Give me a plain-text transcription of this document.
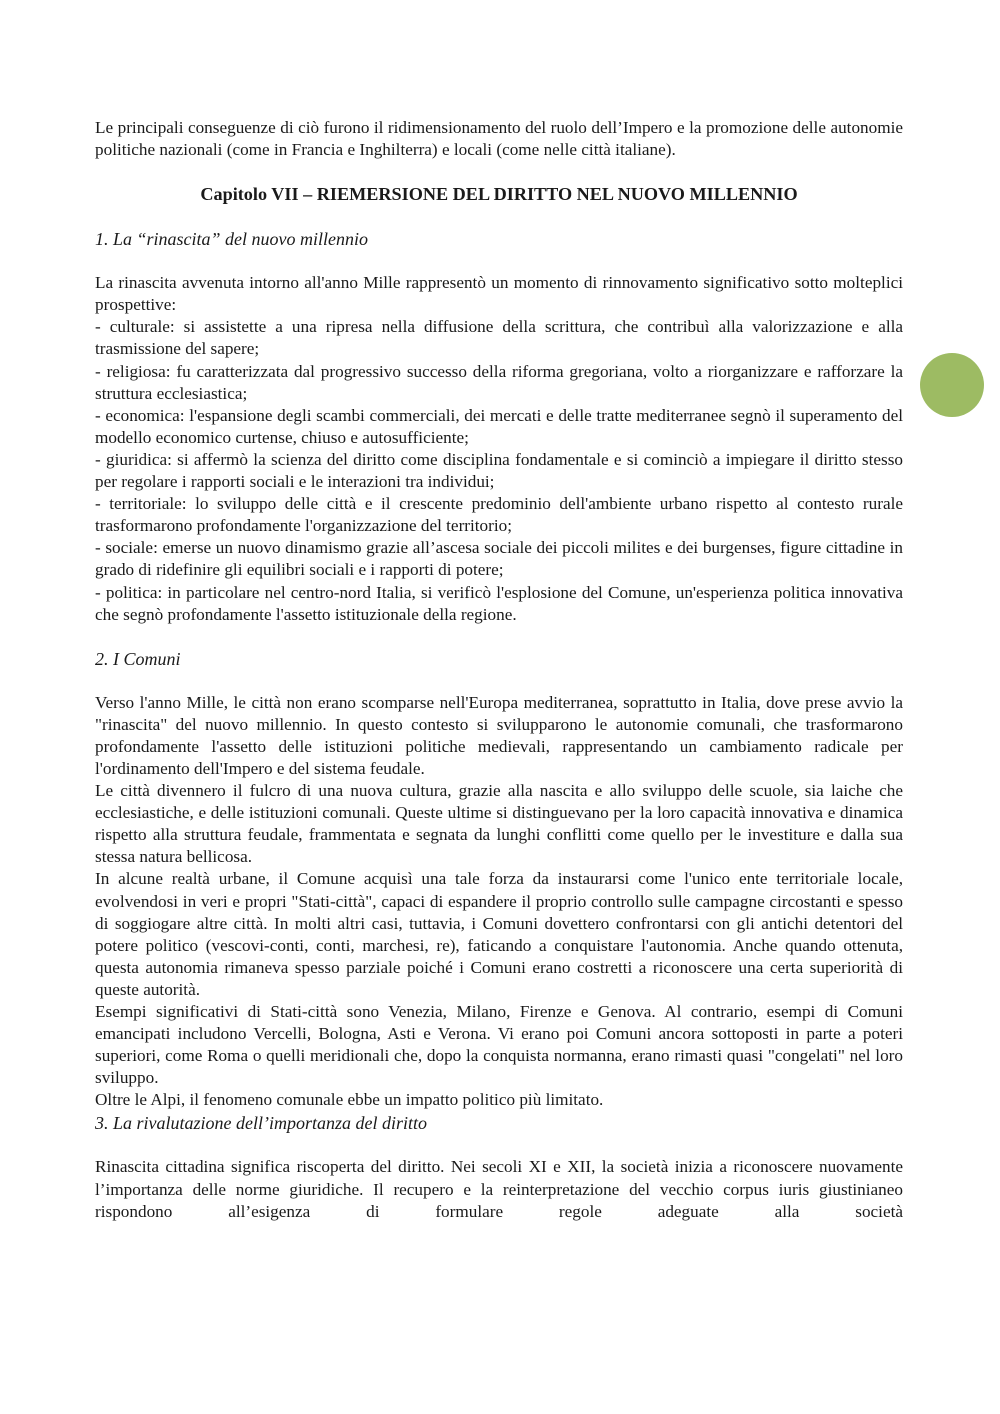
Le principali conseguenze di ciò furono il ridimensionamento del ruolo dell’Impero e la promozione delle autonomie politiche nazionali (come in Francia e Inghilterra) e locali (come nelle città italiane).

Capitolo VII – RIEMERSIONE DEL DIRITTO NEL NUOVO MILLENNIO
1. La “rinascita” del nuovo millennio

La rinascita avvenuta intorno all'anno Mille rappresentò un momento di rinnovamento significativo sotto molteplici prospettive:

- culturale: si assistette a una ripresa nella diffusione della scrittura, che contribuì alla valorizzazione e alla trasmissione del sapere;

- religiosa: fu caratterizzata dal progressivo successo della riforma gregoriana, volto a riorganizzare e rafforzare la struttura ecclesiastica;

- economica: l'espansione degli scambi commerciali, dei mercati e delle tratte mediterranee segnò il superamento del modello economico curtense, chiuso e autosufficiente;

- giuridica: si affermò la scienza del diritto come disciplina fondamentale e si cominciò a impiegare il diritto stesso per regolare i rapporti sociali e le interazioni tra individui;

- territoriale: lo sviluppo delle città e il crescente predominio dell'ambiente urbano rispetto al contesto rurale trasformarono profondamente l'organizzazione del territorio;

- sociale: emerse un nuovo dinamismo grazie all’ascesa sociale dei piccoli milites e dei burgenses, figure cittadine in grado di ridefinire gli equilibri sociali e i rapporti di potere;

- politica: in particolare nel centro-nord Italia, si verificò l'esplosione del Comune, un'esperienza politica innovativa che segnò profondamente l'assetto istituzionale della regione.

2. I Comuni

Verso l'anno Mille, le città non erano scomparse nell'Europa mediterranea, soprattutto in Italia, dove prese avvio la "rinascita" del nuovo millennio. In questo contesto si svilupparono le autonomie comunali, che trasformarono profondamente l'assetto delle istituzioni politiche medievali, rappresentando un cambiamento radicale per l'ordinamento dell'Impero e del sistema feudale.

Le città divennero il fulcro di una nuova cultura, grazie alla nascita e allo sviluppo delle scuole, sia laiche che ecclesiastiche, e delle istituzioni comunali. Queste ultime si distinguevano per la loro capacità innovativa e dinamica rispetto alla struttura feudale, frammentata e segnata da lunghi conflitti come quello per le investiture e dalla sua stessa natura bellicosa.

In alcune realtà urbane, il Comune acquisì una tale forza da instaurarsi come l'unico ente territoriale locale, evolvendosi in veri e propri "Stati-città", capaci di espandere il proprio controllo sulle campagne circostanti e spesso di soggiogare altre città. In molti altri casi, tuttavia, i Comuni dovettero confrontarsi con gli antichi detentori del potere politico (vescovi-conti, conti, marchesi, re), faticando a conquistare l'autonomia. Anche quando ottenuta, questa autonomia rimaneva spesso parziale poiché i Comuni erano costretti a riconoscere una certa superiorità di queste autorità.

Esempi significativi di Stati-città sono Venezia, Milano, Firenze e Genova. Al contrario, esempi di Comuni emancipati includono Vercelli, Bologna, Asti e Verona. Vi erano poi Comuni ancora sottoposti in parte a poteri superiori, come Roma o quelli meridionali che, dopo la conquista normanna, erano rimasti quasi "congelati" nel loro sviluppo.

Oltre le Alpi, il fenomeno comunale ebbe un impatto politico più limitato.

3. La rivalutazione dell’importanza del diritto

Rinascita cittadina significa riscoperta del diritto. Nei secoli XI e XII, la società inizia a riconoscere nuovamente l’importanza delle norme giuridiche. Il recupero e la reinterpretazione del vecchio corpus iuris giustinianeo rispondono all’esigenza di formulare regole adeguate alla società
